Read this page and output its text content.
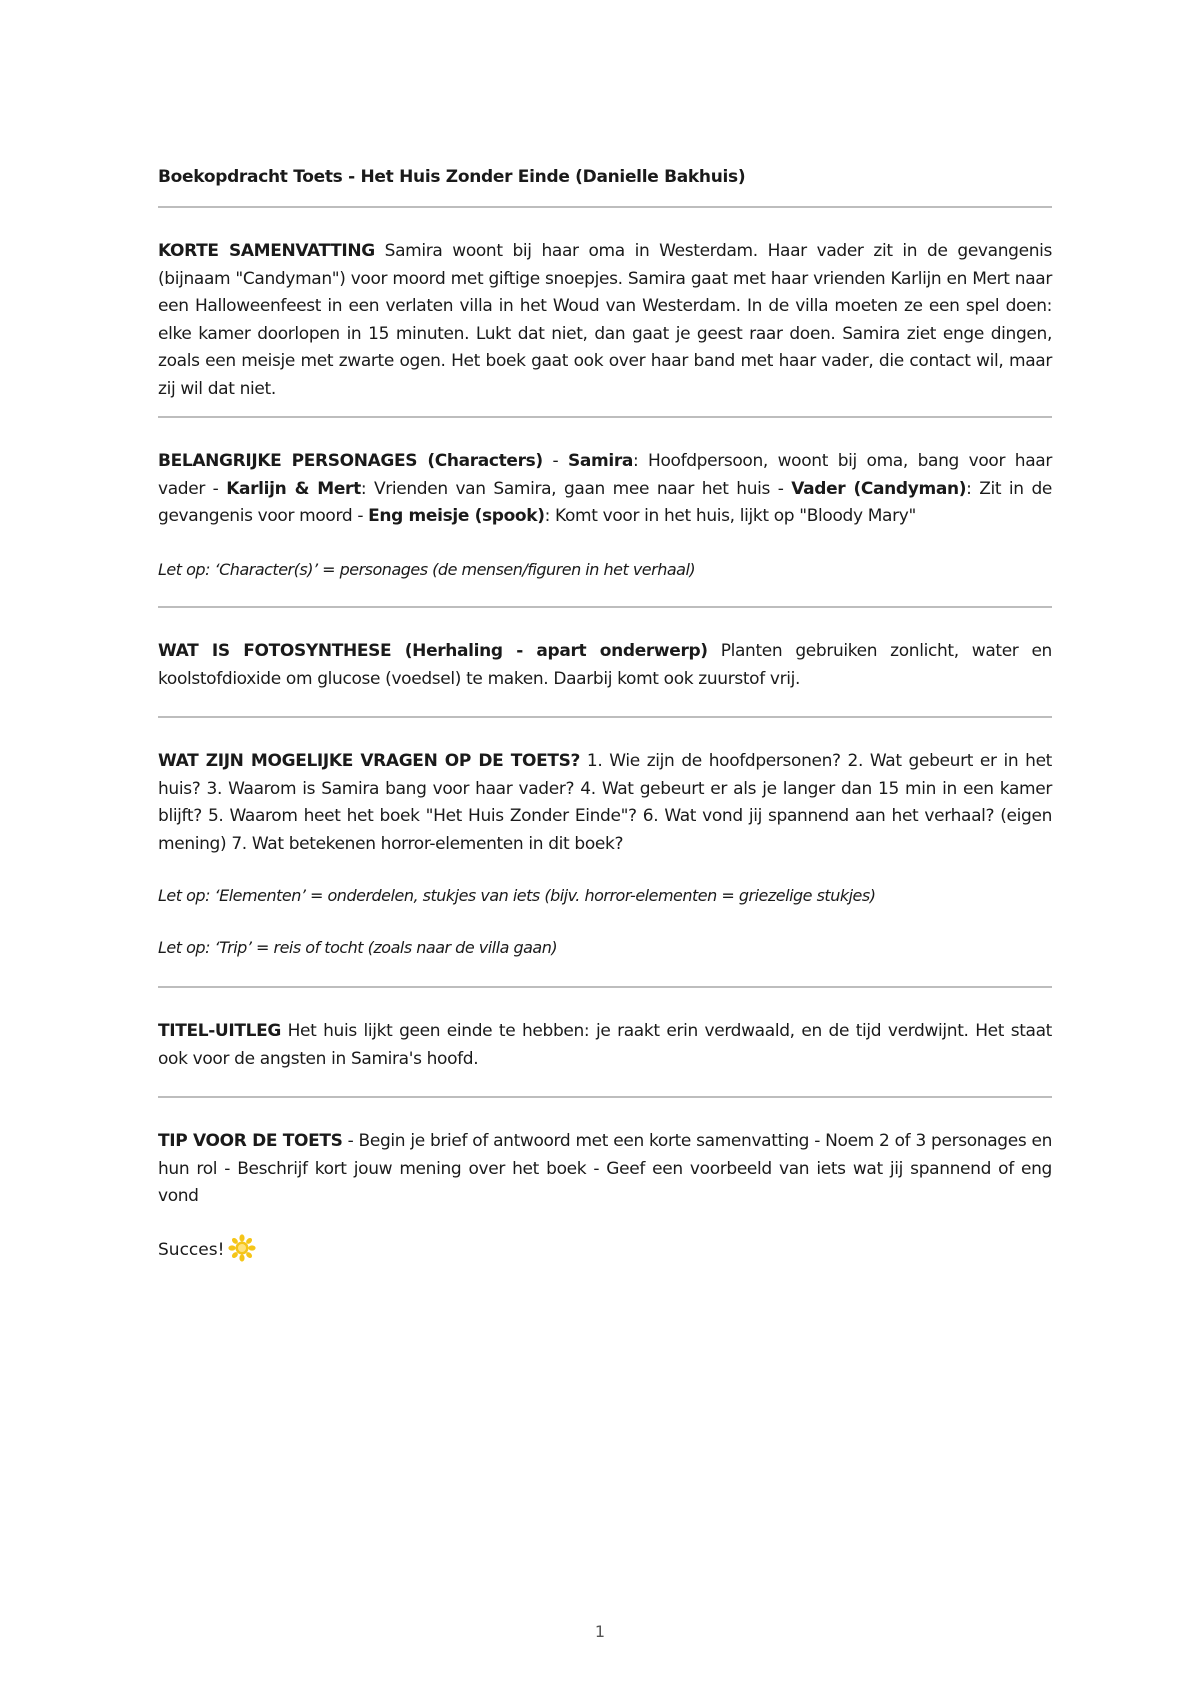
Boekopdracht Toets - Het Huis Zonder Einde (Danielle Bakhuis)

KORTE SAMENVATTING Samira woont bij haar oma in Westerdam. Haar vader zit in de gevangenis (bijnaam "Candyman") voor moord met giftige snoepjes. Samira gaat met haar vrienden Karlijn en Mert naar een Halloweenfeest in een verlaten villa in het Woud van Westerdam. In de villa moeten ze een spel doen: elke kamer doorlopen in 15 minuten. Lukt dat niet, dan gaat je geest raar doen. Samira ziet enge dingen, zoals een meisje met zwarte ogen. Het boek gaat ook over haar band met haar vader, die contact wil, maar zij wil dat niet.

BELANGRIJKE PERSONAGES (Characters) - Samira: Hoofdpersoon, woont bij oma, bang voor haar vader - Karlijn & Mert: Vrienden van Samira, gaan mee naar het huis - Vader (Candyman): Zit in de gevangenis voor moord - Eng meisje (spook): Komt voor in het huis, lijkt op "Bloody Mary"

Let op: ‘Character(s)’ = personages (de mensen/figuren in het verhaal)

WAT IS FOTOSYNTHESE (Herhaling - apart onderwerp) Planten gebruiken zonlicht, water en koolstofdioxide om glucose (voedsel) te maken. Daarbij komt ook zuurstof vrij.

WAT ZIJN MOGELIJKE VRAGEN OP DE TOETS? 1. Wie zijn de hoofdpersonen? 2. Wat gebeurt er in het huis? 3. Waarom is Samira bang voor haar vader? 4. Wat gebeurt er als je langer dan 15 min in een kamer blijft? 5. Waarom heet het boek "Het Huis Zonder Einde"? 6. Wat vond jij spannend aan het verhaal? (eigen mening) 7. Wat betekenen horror-elementen in dit boek?

Let op: ‘Elementen’ = onderdelen, stukjes van iets (bijv. horror-elementen = griezelige stukjes)

Let op: ‘Trip’ = reis of tocht (zoals naar de villa gaan)

TITEL-UITLEG Het huis lijkt geen einde te hebben: je raakt erin verdwaald, en de tijd verdwijnt. Het staat ook voor de angsten in Samira's hoofd.

TIP VOOR DE TOETS - Begin je brief of antwoord met een korte samenvatting - Noem 2 of 3 personages en hun rol - Beschrijf kort jouw mening over het boek - Geef een voorbeeld van iets wat jij spannend of eng vond

Succes!

1
